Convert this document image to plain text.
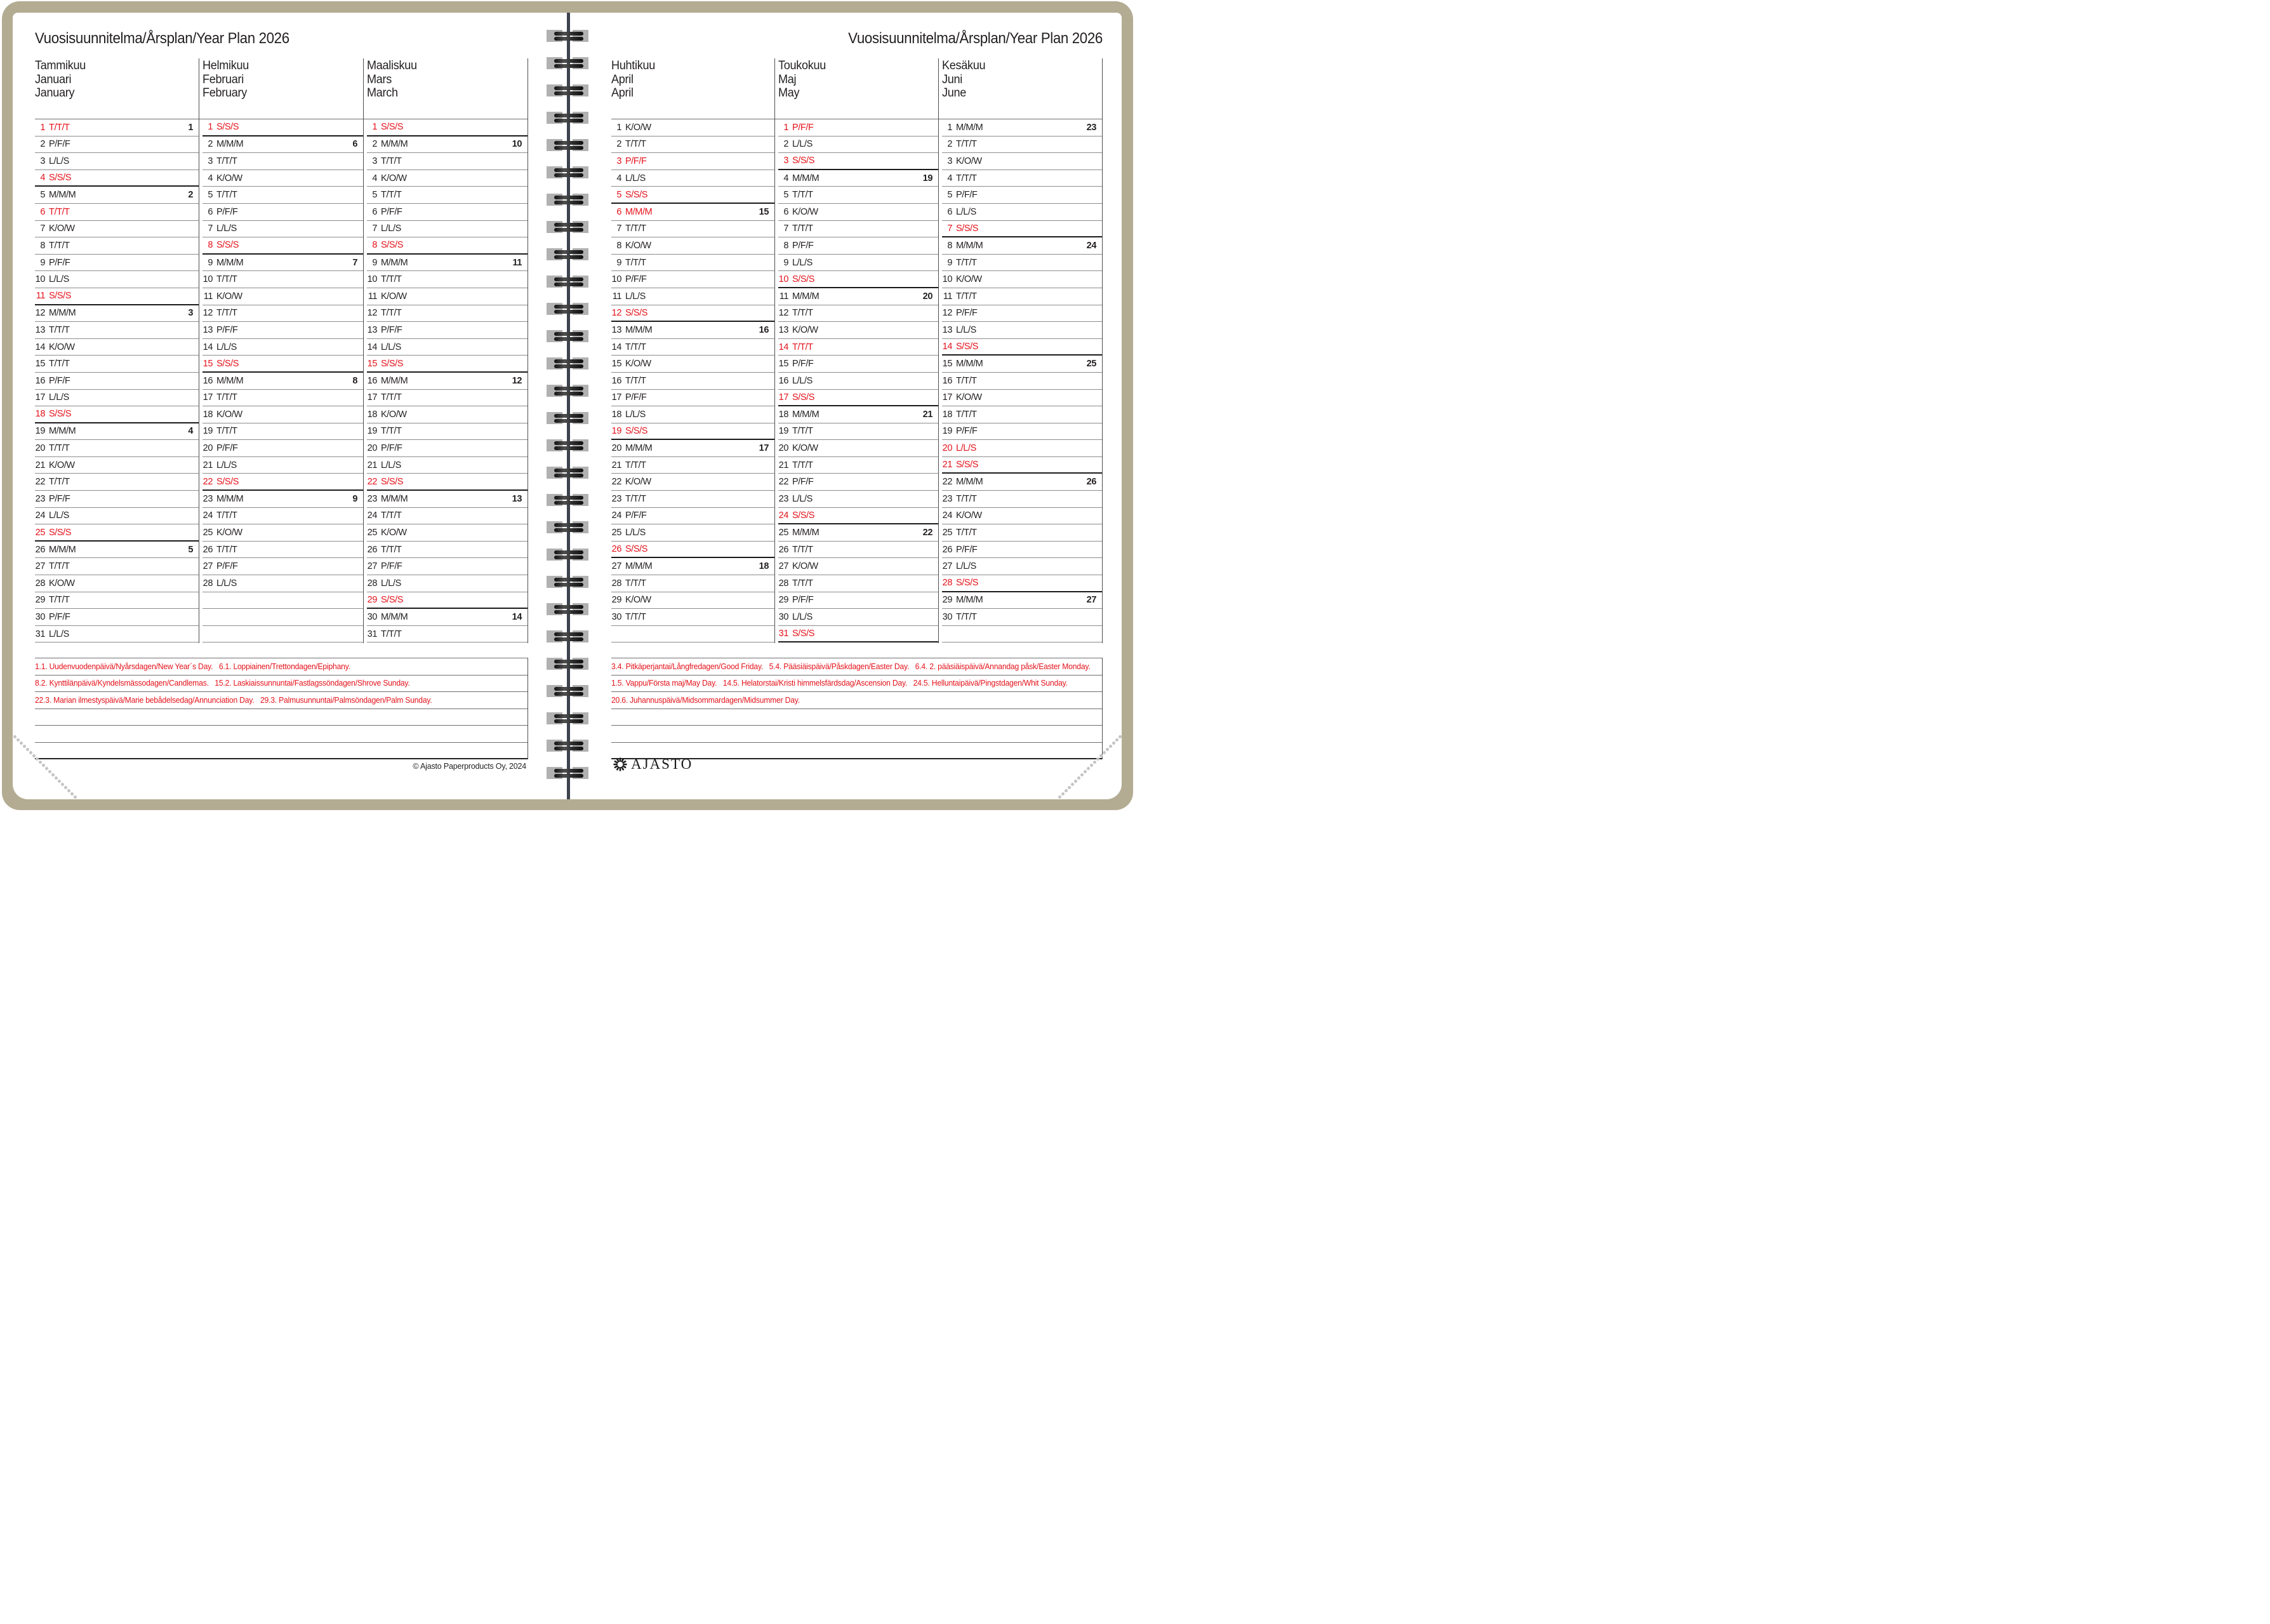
Vuosisuunnitelma/Årsplan/Year Plan 2026
Tammikuu
Januari
January
1 T/T/T	1
2 P/F/F
3 L/L/S
4 S/S/S
5 M/M/M	2
6 T/T/T
7 K/O/W
8 T/T/T
9 P/F/F
10 L/L/S
11 S/S/S
12 M/M/M	3
13 T/T/T
14 K/O/W
15 T/T/T
16 P/F/F
17 L/L/S
18 S/S/S
19 M/M/M	4
20 T/T/T
21 K/O/W
22 T/T/T
23 P/F/F
24 L/L/S
25 S/S/S
26 M/M/M	5
27 T/T/T
28 K/O/W
29 T/T/T
30 P/F/F
31 L/L/S
Helmikuu
Februari
February
1 S/S/S
2 M/M/M	6
3 T/T/T
4 K/O/W
5 T/T/T
6 P/F/F
7 L/L/S
8 S/S/S
9 M/M/M	7
10 T/T/T
11 K/O/W
12 T/T/T
13 P/F/F
14 L/L/S
15 S/S/S
16 M/M/M	8
17 T/T/T
18 K/O/W
19 T/T/T
20 P/F/F
21 L/L/S
22 S/S/S
23 M/M/M	9
24 T/T/T
25 K/O/W
26 T/T/T
27 P/F/F
28 L/L/S
Maaliskuu
Mars
March
1 S/S/S
2 M/M/M	10
3 T/T/T
4 K/O/W
5 T/T/T
6 P/F/F
7 L/L/S
8 S/S/S
9 M/M/M	11
10 T/T/T
11 K/O/W
12 T/T/T
13 P/F/F
14 L/L/S
15 S/S/S
16 M/M/M	12
17 T/T/T
18 K/O/W
19 T/T/T
20 P/F/F
21 L/L/S
22 S/S/S
23 M/M/M	13
24 T/T/T
25 K/O/W
26 T/T/T
27 P/F/F
28 L/L/S
29 S/S/S
30 M/M/M	14
31 T/T/T
1.1. Uudenvuodenpäivä/Nyårsdagen/New Year´s Day.   6.1. Loppiainen/Trettondagen/Epiphany.
8.2. Kynttilänpäivä/Kyndelsmässodagen/Candlemas.   15.2. Laskiaissunnuntai/Fastlagssöndagen/Shrove Sunday.
22.3. Marian ilmestyspäivä/Marie bebådelsedag/Annunciation Day.   29.3. Palmusunnuntai/Palmsöndagen/Palm Sunday.
© Ajasto Paperproducts Oy, 2024
Vuosisuunnitelma/Årsplan/Year Plan 2026
Huhtikuu
April
April
1 K/O/W
2 T/T/T
3 P/F/F
4 L/L/S
5 S/S/S
6 M/M/M	15
7 T/T/T
8 K/O/W
9 T/T/T
10 P/F/F
11 L/L/S
12 S/S/S
13 M/M/M	16
14 T/T/T
15 K/O/W
16 T/T/T
17 P/F/F
18 L/L/S
19 S/S/S
20 M/M/M	17
21 T/T/T
22 K/O/W
23 T/T/T
24 P/F/F
25 L/L/S
26 S/S/S
27 M/M/M	18
28 T/T/T
29 K/O/W
30 T/T/T
Toukokuu
Maj
May
1 P/F/F
2 L/L/S
3 S/S/S
4 M/M/M	19
5 T/T/T
6 K/O/W
7 T/T/T
8 P/F/F
9 L/L/S
10 S/S/S
11 M/M/M	20
12 T/T/T
13 K/O/W
14 T/T/T
15 P/F/F
16 L/L/S
17 S/S/S
18 M/M/M	21
19 T/T/T
20 K/O/W
21 T/T/T
22 P/F/F
23 L/L/S
24 S/S/S
25 M/M/M	22
26 T/T/T
27 K/O/W
28 T/T/T
29 P/F/F
30 L/L/S
31 S/S/S
Kesäkuu
Juni
June
1 M/M/M	23
2 T/T/T
3 K/O/W
4 T/T/T
5 P/F/F
6 L/L/S
7 S/S/S
8 M/M/M	24
9 T/T/T
10 K/O/W
11 T/T/T
12 P/F/F
13 L/L/S
14 S/S/S
15 M/M/M	25
16 T/T/T
17 K/O/W
18 T/T/T
19 P/F/F
20 L/L/S
21 S/S/S
22 M/M/M	26
23 T/T/T
24 K/O/W
25 T/T/T
26 P/F/F
27 L/L/S
28 S/S/S
29 M/M/M	27
30 T/T/T
3.4. Pitkäperjantai/Långfredagen/Good Friday.   5.4. Pääsiäispäivä/Påskdagen/Easter Day.   6.4. 2. pääsiäispäivä/Annandag påsk/Easter Monday.
1.5. Vappu/Första maj/May Day.   14.5. Helatorstai/Kristi himmelsfärdsdag/Ascension Day.   24.5. Helluntaipäivä/Pingstdagen/Whit Sunday.
20.6. Juhannuspäivä/Midsommardagen/Midsummer Day.
AJASTO
